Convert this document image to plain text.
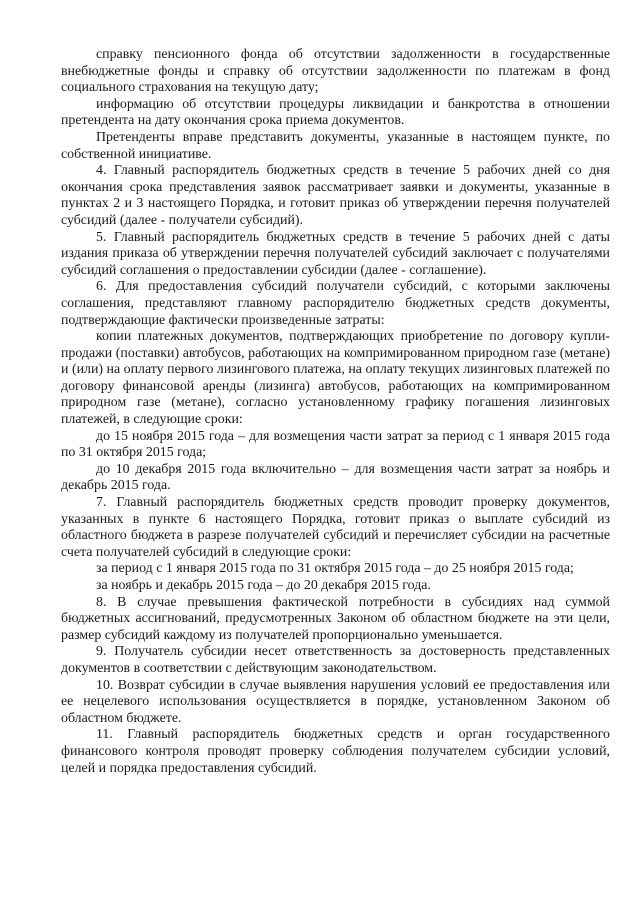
справку пенсионного фонда об отсутствии задолженности в государственные внебюджетные фонды и справку об отсутствии задолженности по платежам в фонд социального страхования на текущую дату;

информацию об отсутствии процедуры ликвидации и банкротства в отношении претендента на дату окончания срока приема документов.

Претенденты вправе представить документы, указанные в настоящем пункте, по собственной инициативе.

4. Главный распорядитель бюджетных средств в течение 5 рабочих дней со дня окончания срока представления заявок рассматривает заявки и документы, указанные в пунктах 2 и 3 настоящего Порядка, и готовит приказ об утверждении перечня получателей субсидий (далее - получатели субсидий).

5. Главный распорядитель бюджетных средств в течение 5 рабочих дней с даты издания приказа об утверждении перечня получателей субсидий заключает с получателями субсидий соглашения о предоставлении субсидии (далее - соглашение).

6. Для предоставления субсидий получатели субсидий, с которыми заключены соглашения, представляют главному распорядителю бюджетных средств документы, подтверждающие фактически произведенные затраты:

копии платежных документов, подтверждающих приобретение по договору купли-продажи (поставки) автобусов, работающих на компримированном природном газе (метане) и (или) на оплату первого лизингового платежа, на оплату текущих лизинговых платежей по договору финансовой аренды (лизинга) автобусов, работающих на компримированном природном газе (метане), согласно установленному графику погашения лизинговых платежей, в следующие сроки:

до 15 ноября 2015 года – для возмещения части затрат за период с 1 января 2015 года по 31 октября 2015 года;

до 10 декабря 2015 года включительно – для возмещения части затрат за ноябрь и декабрь 2015 года.

7. Главный распорядитель бюджетных средств проводит проверку документов, указанных в пункте 6 настоящего Порядка, готовит приказ о выплате субсидий из областного бюджета в разрезе получателей субсидий и перечисляет субсидии на расчетные счета получателей субсидий в следующие сроки:

за период с 1 января 2015 года по 31 октября 2015 года – до 25 ноября 2015 года;

за ноябрь и декабрь 2015 года – до 20 декабря 2015 года.

8. В случае превышения фактической потребности в субсидиях над суммой бюджетных ассигнований, предусмотренных Законом об областном бюджете на эти цели, размер субсидий каждому из получателей пропорционально уменьшается.

9. Получатель субсидии несет ответственность за достоверность представленных документов в соответствии с действующим законодательством.

10. Возврат субсидии в случае выявления нарушения условий ее предоставления или ее нецелевого использования осуществляется в порядке, установленном Законом об областном бюджете.

11. Главный распорядитель бюджетных средств и орган государственного финансового контроля проводят проверку соблюдения получателем субсидии условий, целей и порядка предоставления субсидий.
